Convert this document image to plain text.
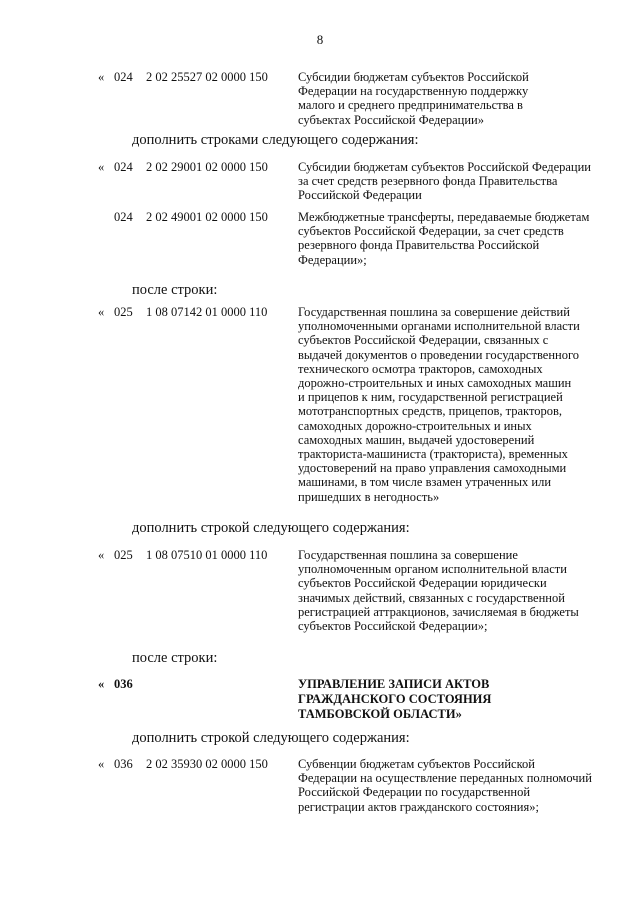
8
« 024 2 02 25527 02 0000 150 Субсидии бюджетам субъектов Российской
Федерации на государственную поддержку
малого и среднего предпринимательства в
субъектах Российской Федерации»
дополнить строками следующего содержания:
« 024 2 02 29001 02 0000 150 Субсидии бюджетам субъектов Российской Федерации
за счет средств резервного фонда Правительства
Российской Федерации
024 2 02 49001 02 0000 150 Межбюджетные трансферты, передаваемые бюджетам
субъектов Российской Федерации, за счет средств
резервного фонда Правительства Российской
Федерации»;
после строки:
« 025 1 08 07142 01 0000 110 Государственная пошлина за совершение действий
уполномоченными органами исполнительной власти
субъектов Российской Федерации, связанных с
выдачей документов о проведении государственного
технического осмотра тракторов, самоходных
дорожно-строительных и иных самоходных машин
и прицепов к ним, государственной регистрацией
мототранспортных средств, прицепов, тракторов,
самоходных дорожно-строительных и иных
самоходных машин, выдачей удостоверений
тракториста-машиниста (тракториста), временных
удостоверений на право управления самоходными
машинами, в том числе взамен утраченных или
пришедших в негодность»
дополнить строкой следующего содержания:
« 025 1 08 07510 01 0000 110 Государственная пошлина за совершение
уполномоченным органом исполнительной власти
субъектов Российской Федерации юридически
значимых действий, связанных с государственной
регистрацией аттракционов, зачисляемая в бюджеты
субъектов Российской Федерации»;
после строки:
« 036	УПРАВЛЕНИЕ ЗАПИСИ АКТОВ
ГРАЖДАНСКОГО СОСТОЯНИЯ
ТАМБОВСКОЙ ОБЛАСТИ»
дополнить строкой следующего содержания:
« 036 2 02 35930 02 0000 150 Субвенции бюджетам субъектов Российской
Федерации на осуществление переданных полномочий
Российской Федерации по государственной
регистрации актов гражданского состояния»;
